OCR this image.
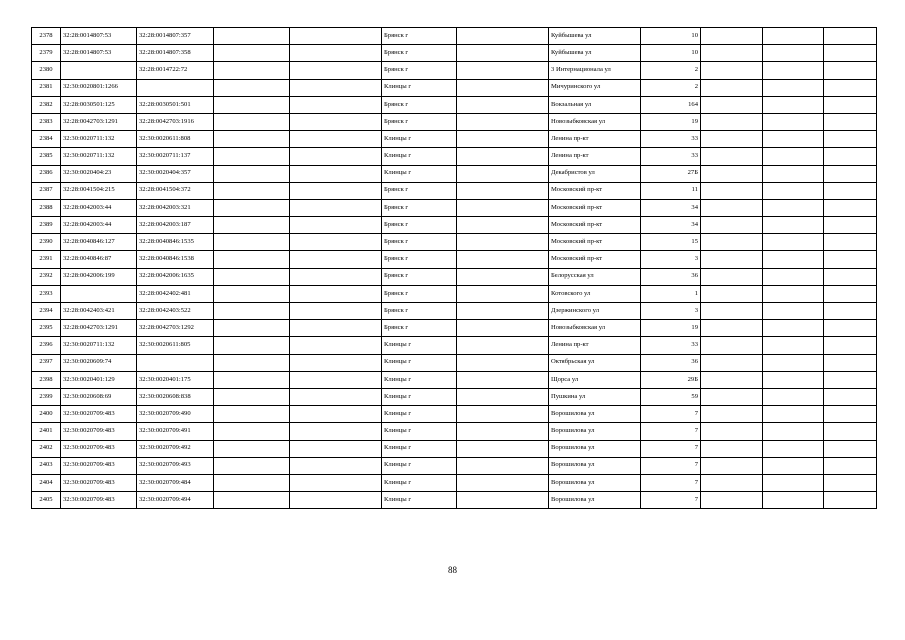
2378	32:28:0014807:53	32:28:0014807:357			Брянск г		Куйбышева ул	10			
2379	32:28:0014807:53	32:28:0014807:358			Брянск г		Куйбышева ул	10			
2380		32:28:0014722:72			Брянск г		3 Интернационала ул	2			
2381	32:30:0020801:1266				Клинцы г		Мичуринского ул	2			
2382	32:28:0030501:125	32:28:0030501:501			Брянск г		Вокзальная ул	164			
2383	32:28:0042703:1291	32:28:0042703:1916			Брянск г		Новозыбковская ул	19			
2384	32:30:0020711:132	32:30:0020611:808			Клинцы г		Ленина пр-кт	33			
2385	32:30:0020711:132	32:30:0020711:137			Клинцы г		Ленина пр-кт	33			
2386	32:30:0020404:23	32:30:0020404:357			Клинцы г		Декабристов ул	27Б			
2387	32:28:0041504:215	32:28:0041504:372			Брянск г		Московский пр-кт	11			
2388	32:28:0042003:44	32:28:0042003:321			Брянск г		Московский пр-кт	34			
2389	32:28:0042003:44	32:28:0042003:187			Брянск г		Московский пр-кт	34			
2390	32:28:0040846:127	32:28:0040846:1535			Брянск г		Московский пр-кт	15			
2391	32:28:0040846:87	32:28:0040846:1538			Брянск г		Московский пр-кт	3			
2392	32:28:0042006:199	32:28:0042006:1635			Брянск г		Белорусская ул	36			
2393		32:28:0042402:481			Брянск г		Котовского ул	1			
2394	32:28:0042403:421	32:28:0042403:522			Брянск г		Дзержинского ул	3			
2395	32:28:0042703:1291	32:28:0042703:1292			Брянск г		Новозыбковская ул	19			
2396	32:30:0020711:132	32:30:0020611:805			Клинцы г		Ленина пр-кт	33			
2397	32:30:0020609:74				Клинцы г		Октябрьская ул	36			
2398	32:30:0020401:129	32:30:0020401:175			Клинцы г		Щорса ул	29Б			
2399	32:30:0020608:69	32:30:0020608:838			Клинцы г		Пушкина ул	59			
2400	32:30:0020709:483	32:30:0020709:490			Клинцы г		Ворошилова ул	7			
2401	32:30:0020709:483	32:30:0020709:491			Клинцы г		Ворошилова ул	7			
2402	32:30:0020709:483	32:30:0020709:492			Клинцы г		Ворошилова ул	7			
2403	32:30:0020709:483	32:30:0020709:493			Клинцы г		Ворошилова ул	7			
2404	32:30:0020709:483	32:30:0020709:484			Клинцы г		Ворошилова ул	7			
2405	32:30:0020709:483	32:30:0020709:494			Клинцы г		Ворошилова ул	7			
88
